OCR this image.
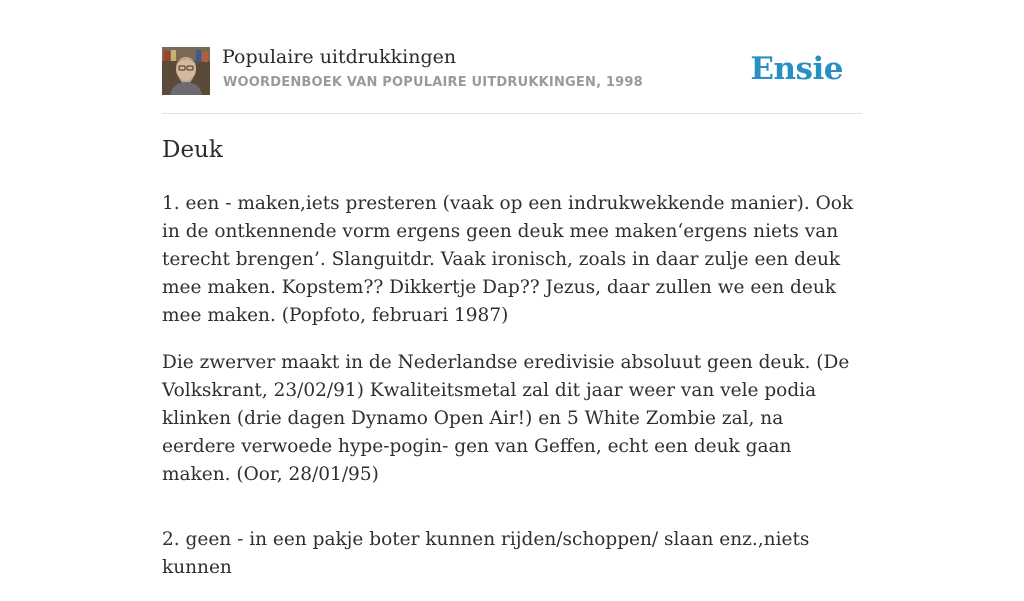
Populaire uitdrukkingen
WOORDENBOEK VAN POPULAIRE UITDRUKKINGEN, 1998	Ensie
Deuk

1. een - maken,iets presteren (vaak op een indrukwekkende manier). Ook in de ontkennende vorm ergens geen deuk mee maken‘ergens niets van terecht brengen’. Slanguitdr. Vaak ironisch, zoals in daar zulje een deuk mee maken. Kopstem?? Dikkertje Dap?? Jezus, daar zullen we een deuk mee maken. (Popfoto, februari 1987)

Die zwerver maakt in de Nederlandse eredivisie absoluut geen deuk. (De Volkskrant, 23/02/91) Kwaliteitsmetal zal dit jaar weer van vele podia klinken (drie dagen Dynamo Open Air!) en 5 White Zombie zal, na eerdere verwoede hype-pogin- gen van Geffen, echt een deuk gaan maken. (Oor, 28/01/95)

2. geen - in een pakje boter kunnen rijden/schoppen/ slaan enz.,niets kunnen
